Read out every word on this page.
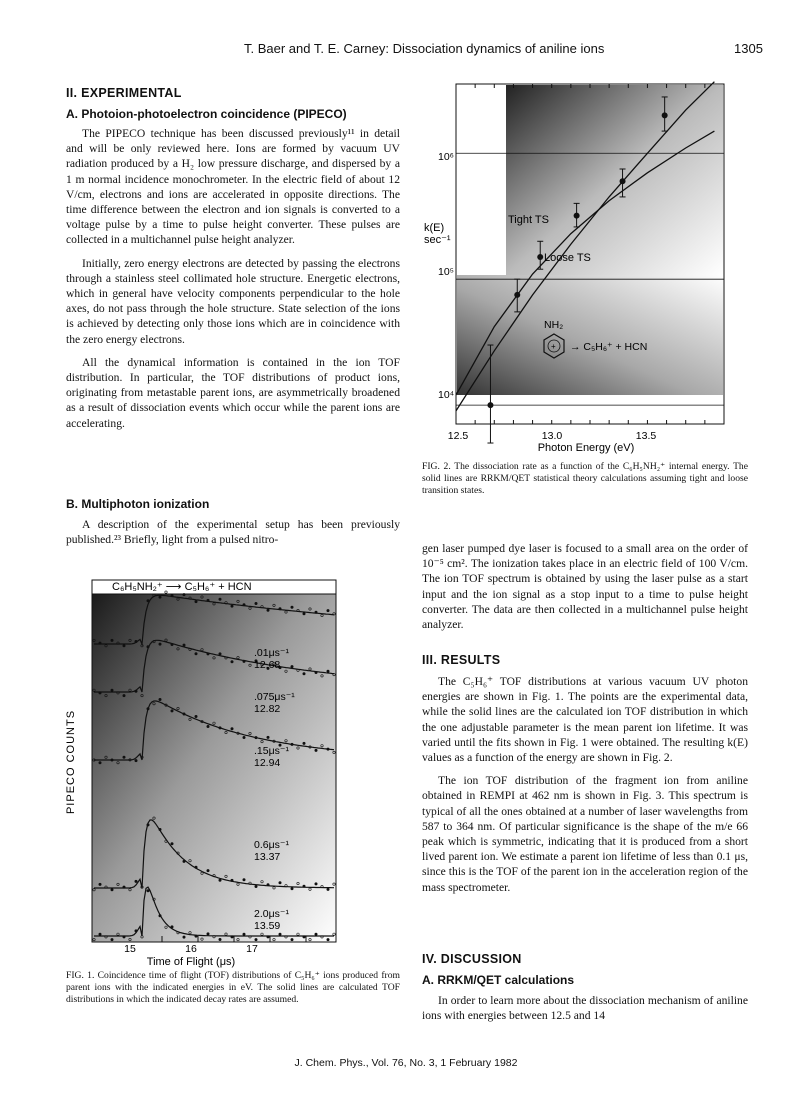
T. Baer and T. E. Carney: Dissociation dynamics of aniline ions	1305
II. EXPERIMENTAL
A. Photoion-photoelectron coincidence (PIPECO)

The PIPECO technique has been discussed previously¹¹ in detail and will be only reviewed here. Ions are formed by vacuum UV radiation produced by a H₂ low pressure discharge, and dispersed by a 1 m normal incidence monochrometer. In the electric field of about 12 V/cm, electrons and ions are accelerated in opposite directions. The time difference between the electron and ion signals is converted to a voltage pulse by a time to pulse height converter. These pulses are collected in a multichannel pulse height analyzer.

Initially, zero energy electrons are detected by passing the electrons through a stainless steel collimated hole structure. Energetic electrons, which in general have velocity components perpendicular to the hole axes, do not pass through the hole structure. State selection of the ions is achieved by detecting only those ions which are in coincidence with the zero energy electrons.

All the dynamical information is contained in the ion TOF distribution. In particular, the TOF distributions of product ions, originating from metastable parent ions, are asymmetrically broadened as a result of dissociation events which occur while the parent ions are accelerating.

B. Multiphoton ionization

A description of the experimental setup has been previously published.²³ Briefly, light from a pulsed nitro-

C₆H₅NH₂⁺ ⟶ C₅H₆⁺ + HCN
PIPECO COUNTS
15	16	17
Time of Flight (μs)
.01μs⁻¹
12.68
.075μs⁻¹
12.82
.15μs⁻¹
12.94
0.6μs⁻¹
13.37
2.0μs⁻¹
13.59
FIG. 1. Coincidence time of flight (TOF) distributions of C₅H₆⁺ ions produced from parent ions with the indicated energies in eV. The solid lines are calculated TOF distributions in which the indicated decay rates are assumed.
k(E)
sec⁻¹
10⁴
10⁵
10⁶
12.5	13.0	13.5
Photon Energy (eV)
Tight TS
Loose TS
NH₂
+ → C₅H₆⁺ + HCN
FIG. 2. The dissociation rate as a function of the C₆H₅NH₂⁺ internal energy. The solid lines are RRKM/QET statistical theory calculations assuming tight and loose transition states.

gen laser pumped dye laser is focused to a small area on the order of 10⁻⁵ cm². The ionization takes place in an electric field of 100 V/cm. The ion TOF spectrum is obtained by using the laser pulse as a start input and the ion signal as a stop input to a time to pulse height converter. The data are then collected in a multichannel pulse height analyzer.

III. RESULTS

The C₅H₆⁺ TOF distributions at various vacuum UV photon energies are shown in Fig. 1. The points are the experimental data, while the solid lines are the calculated ion TOF distribution in which the one adjustable parameter is the mean parent ion lifetime. It was varied until the fits shown in Fig. 1 were obtained. The resulting k(E) values as a function of the energy are shown in Fig. 2.

The ion TOF distribution of the fragment ion from aniline obtained in REMPI at 462 nm is shown in Fig. 3. This spectrum is typical of all the ones obtained at a number of laser wavelengths from 587 to 364 nm. Of particular significance is the shape of the m/e 66 peak which is symmetric, indicating that it is produced from a short lived parent ion. We estimate a parent ion lifetime of less than 0.1 μs, since this is the TOF of the parent ion in the acceleration region of the mass spectrometer.

IV. DISCUSSION
A. RRKM/QET calculations

In order to learn more about the dissociation mechanism of aniline ions with energies between 12.5 and 14

J. Chem. Phys., Vol. 76, No. 3, 1 February 1982
